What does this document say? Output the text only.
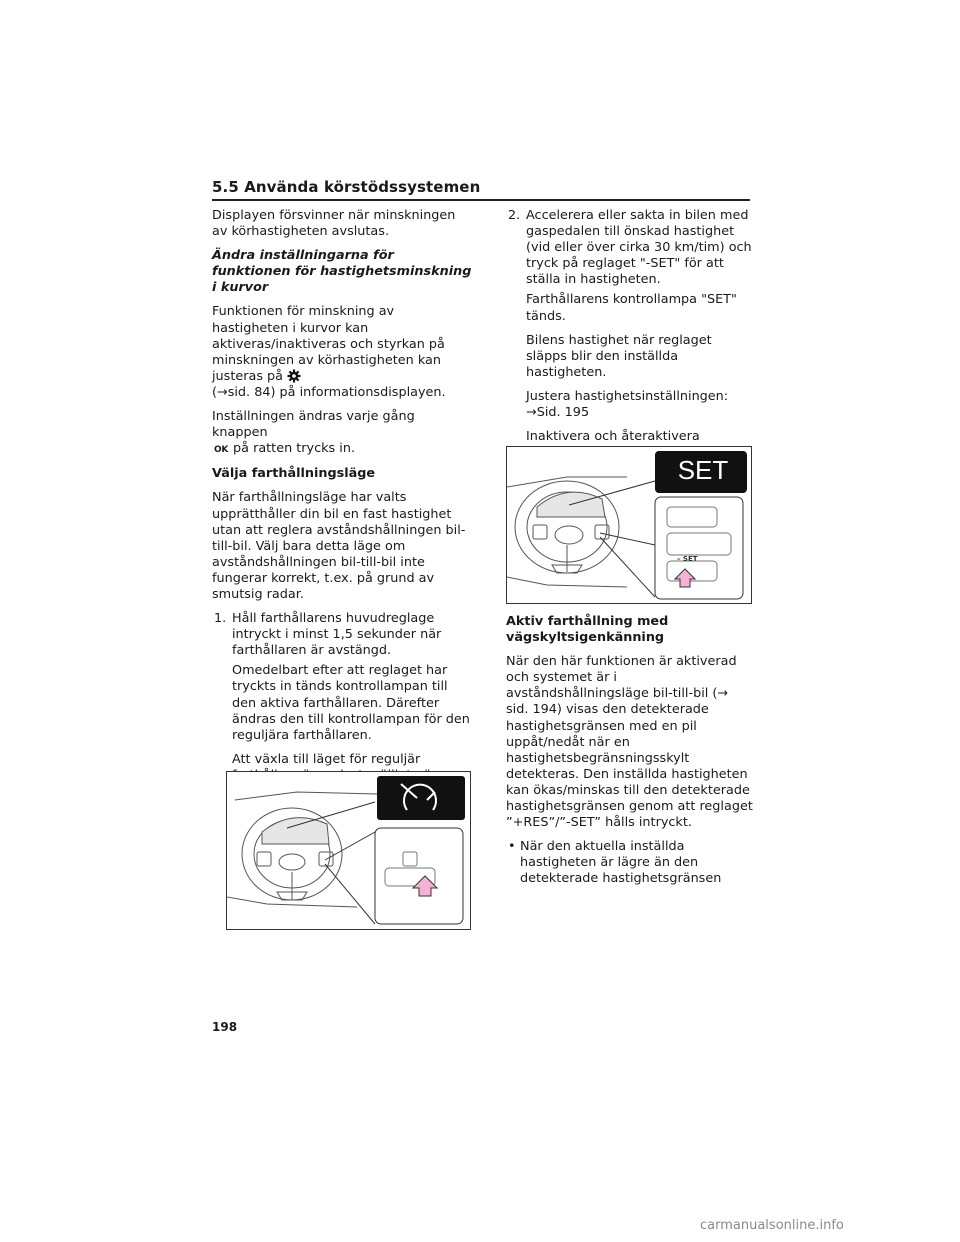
5.5 Använda körstödssystemen

Displayen försvinner när minskningen av körhastigheten avslutas.

Ändra inställningarna för funktionen för hastighetsminskning i kurvor

Funktionen för minskning av hastigheten i kurvor kan aktiveras/inaktiveras och styrkan på minskningen av körhastigheten kan justeras på
(→sid. 84) på informationsdisplayen.

Inställningen ändras varje gång knappen
OK på ratten trycks in.

Välja farthållningsläge

När farthållningsläge har valts upprätthåller din bil en fast hastighet utan att reglera avståndshållningen bil-till-bil. Välj bara detta läge om avståndshållningen bil-till-bil inte fungerar korrekt, t.ex. på grund av smutsig radar.

1. Håll farthållarens huvudreglage intryckt i minst 1,5 sekunder när farthållaren är avstängd.

Omedelbart efter att reglaget har tryckts in tänds kontrollampan till den aktiva farthållaren. Därefter ändras den till kontrollampan för den reguljära farthållaren.

Att växla till läget för reguljär

2. Accelerera eller sakta in bilen med gaspedalen till önskad hastighet (vid eller över cirka 30 km/tim) och tryck på reglaget "-SET" för att ställa in hastigheten.

Farthållarens kontrollampa "SET" tänds.

Bilens hastighet när reglaget släpps blir den inställda hastigheten.

Justera hastighetsinställningen: →Sid. 195

Inaktivera och återaktivera

Aktiv farthållning med vägskyltsigenkänning

När den här funktionen är aktiverad och systemet är i avståndshållningsläge bil-till-bil (→ sid. 194) visas den detekterade hastighetsgränsen med en pil uppåt/nedåt när en hastighetsbegränsningsskylt detekteras. Den inställda hastigheten kan ökas/minskas till den detekterade hastighetsgränsen genom att reglaget ”+RES”/”-SET” hålls intryckt.

• När den aktuella inställda hastigheten är lägre än den detekterade hastighetsgränsen
SET
– SET
198
carmanualsonline.info
